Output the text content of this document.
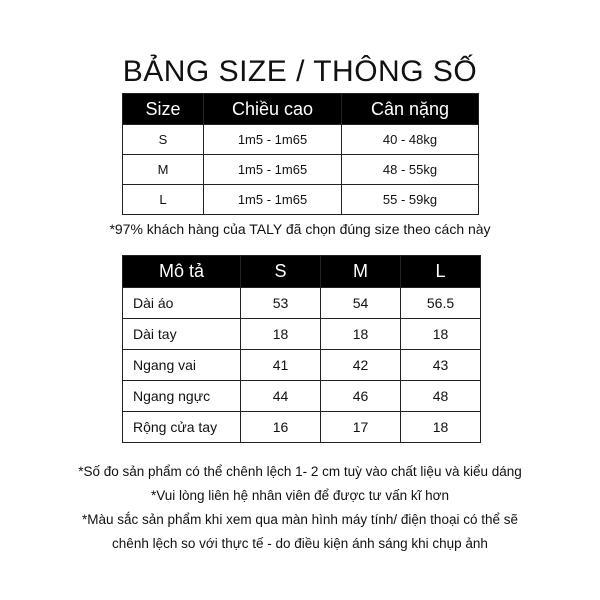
BẢNG SIZE / THÔNG SỐ
Size	Chiều cao	Cân nặng
S	1m5 - 1m65	40 - 48kg
M	1m5 - 1m65	48 - 55kg
L	1m5 - 1m65	55 - 59kg
*97% khách hàng của TALY đã chọn đúng size theo cách này
Mô tả	S	M	L
Dài áo	53	54	56.5
Dài tay	18	18	18
Ngang vai	41	42	43
Ngang ngực	44	46	48
Rộng cửa tay	16	17	18
*Số đo sản phẩm có thể chênh lệch 1- 2 cm tuỳ vào chất liệu và kiểu dáng
*Vui lòng liên hệ nhân viên để được tư vấn kĩ hơn
*Màu sắc sản phẩm khi xem qua màn hình máy tính/ điện thoại có thể sẽ
chênh lệch so với thực tế - do điều kiện ánh sáng khi chụp ảnh
